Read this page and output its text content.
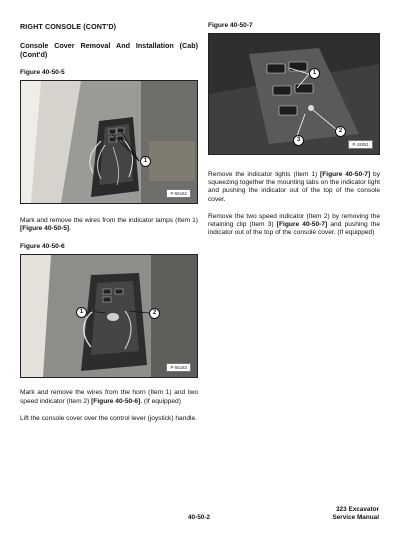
RIGHT CONSOLE (CONT'D)
Console Cover Removal And Installation (Cab) (Cont'd)
Figure 40-50-5
1
P-56162

Mark and remove the wires from the indicator lamps (Item 1) [Figure 40-50-5].

Figure 40-50-6
1	2
P-56163

Mark and remove the wires from the horn (Item 1) and two speed indicator (Item 2) [Figure 40-50-6]. (If equipped)

Lift the console cover over the control lever (joystick) handle.

Figure 40-50-7
1
2
3
P-19051

Remove the indicator lights (Item 1) [Figure 40-50-7] by squeezing together the mounting tabs on the indicator light and pushing the indicator out of the top of the console cover.

Remove the two speed indicator (Item 2) by removing the retaining clip (Item 3) [Figure 40-50-7] and pushing the indicator out of the top of the console cover. (If equipped)

40-50-2
323 Excavator
Service Manual
